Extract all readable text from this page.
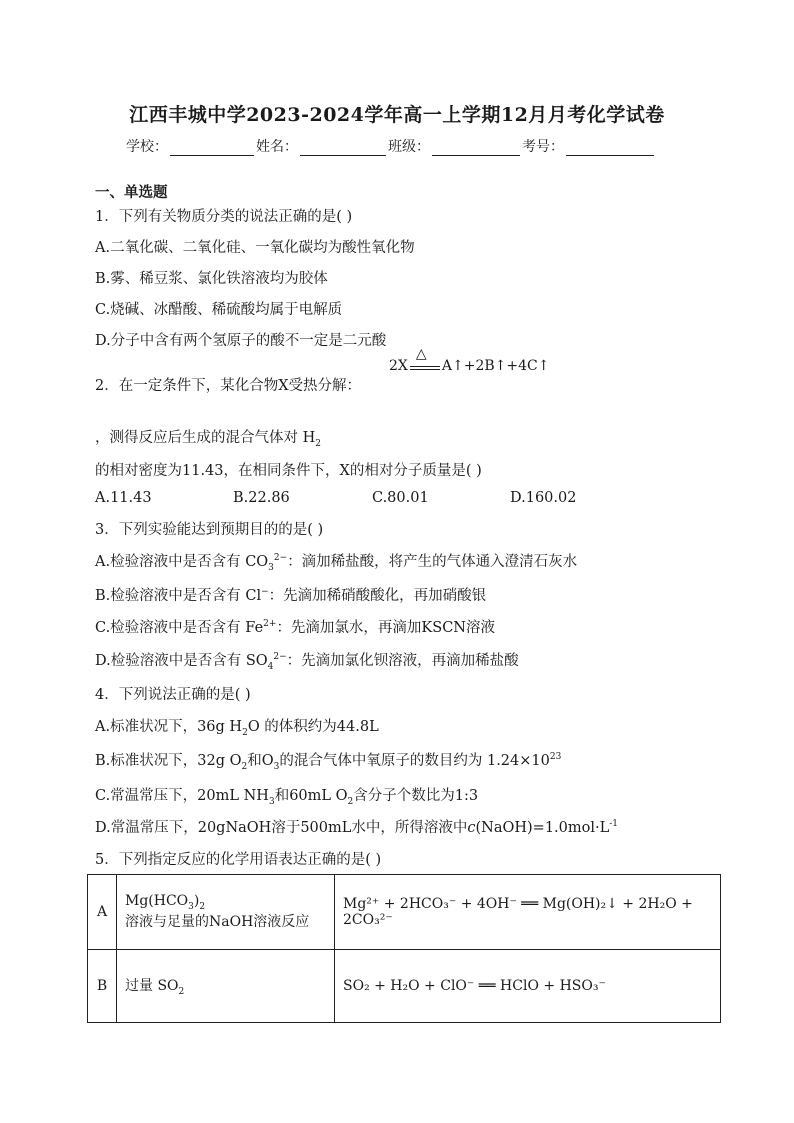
江西丰城中学2023-2024学年高一上学期12月月考化学试卷
学校：	姓名：	班级：	考号：
一、单选题
1．下列有关物质分类的说法正确的是( )
A.二氧化碳、二氧化硅、一氧化碳均为酸性氧化物
B.雾、稀豆浆、氯化铁溶液均为胶体
C.烧碱、冰醋酸、稀硫酸均属于电解质
D.分子中含有两个氢原子的酸不一定是二元酸
2．在一定条件下，某化合物X受热分解：
2X
△
A↑+2B↑+4C↑
，测得反应后生成的混合气体对 $H_2$
的相对密度为11.43，在相同条件下，X的相对分子质量是( )
A.11.43	B.22.86	C.80.01	D.160.02
3．下列实验能达到预期目的的是( )
A.检验溶液中是否含有 $CO_3^{2-}$：滴加稀盐酸，将产生的气体通入澄清石灰水
B.检验溶液中是否含有 Cl−：先滴加稀硝酸酸化，再加硝酸银
C.检验溶液中是否含有 $Fe^{2+}$：先滴加氯水，再滴加KSCN溶液
D.检验溶液中是否含有 $SO_4^{2-}$：先滴加氯化钡溶液，再滴加稀盐酸
4．下列说法正确的是( )
A.标准状况下，36g $H_2O$ 的体积约为44.8L
B.标准状况下，32g $O_2$和$O_3$的混合气体中氧原子的数目约为 $1.24\times 10^{23}$
C.常温常压下，20mL $NH_3$和60mL $O_2$含分子个数比为1:3
D.常温常压下，20gNaOH溶于500mL水中，所得溶液中$c(NaOH)=1.0mol\cdot L^{-1}$
5．下列指定反应的化学用语表达正确的是( )
A	$Mg(HCO_3)_2$
溶液与足量的NaOH溶液反应	Mg²⁺ + 2HCO₃⁻ + 4OH⁻ ══ Mg(OH)₂↓ + 2H₂O + 2CO₃²⁻
B	过量 $SO_2$	SO₂ + H₂O + ClO⁻ ══ HClO + HSO₃⁻
